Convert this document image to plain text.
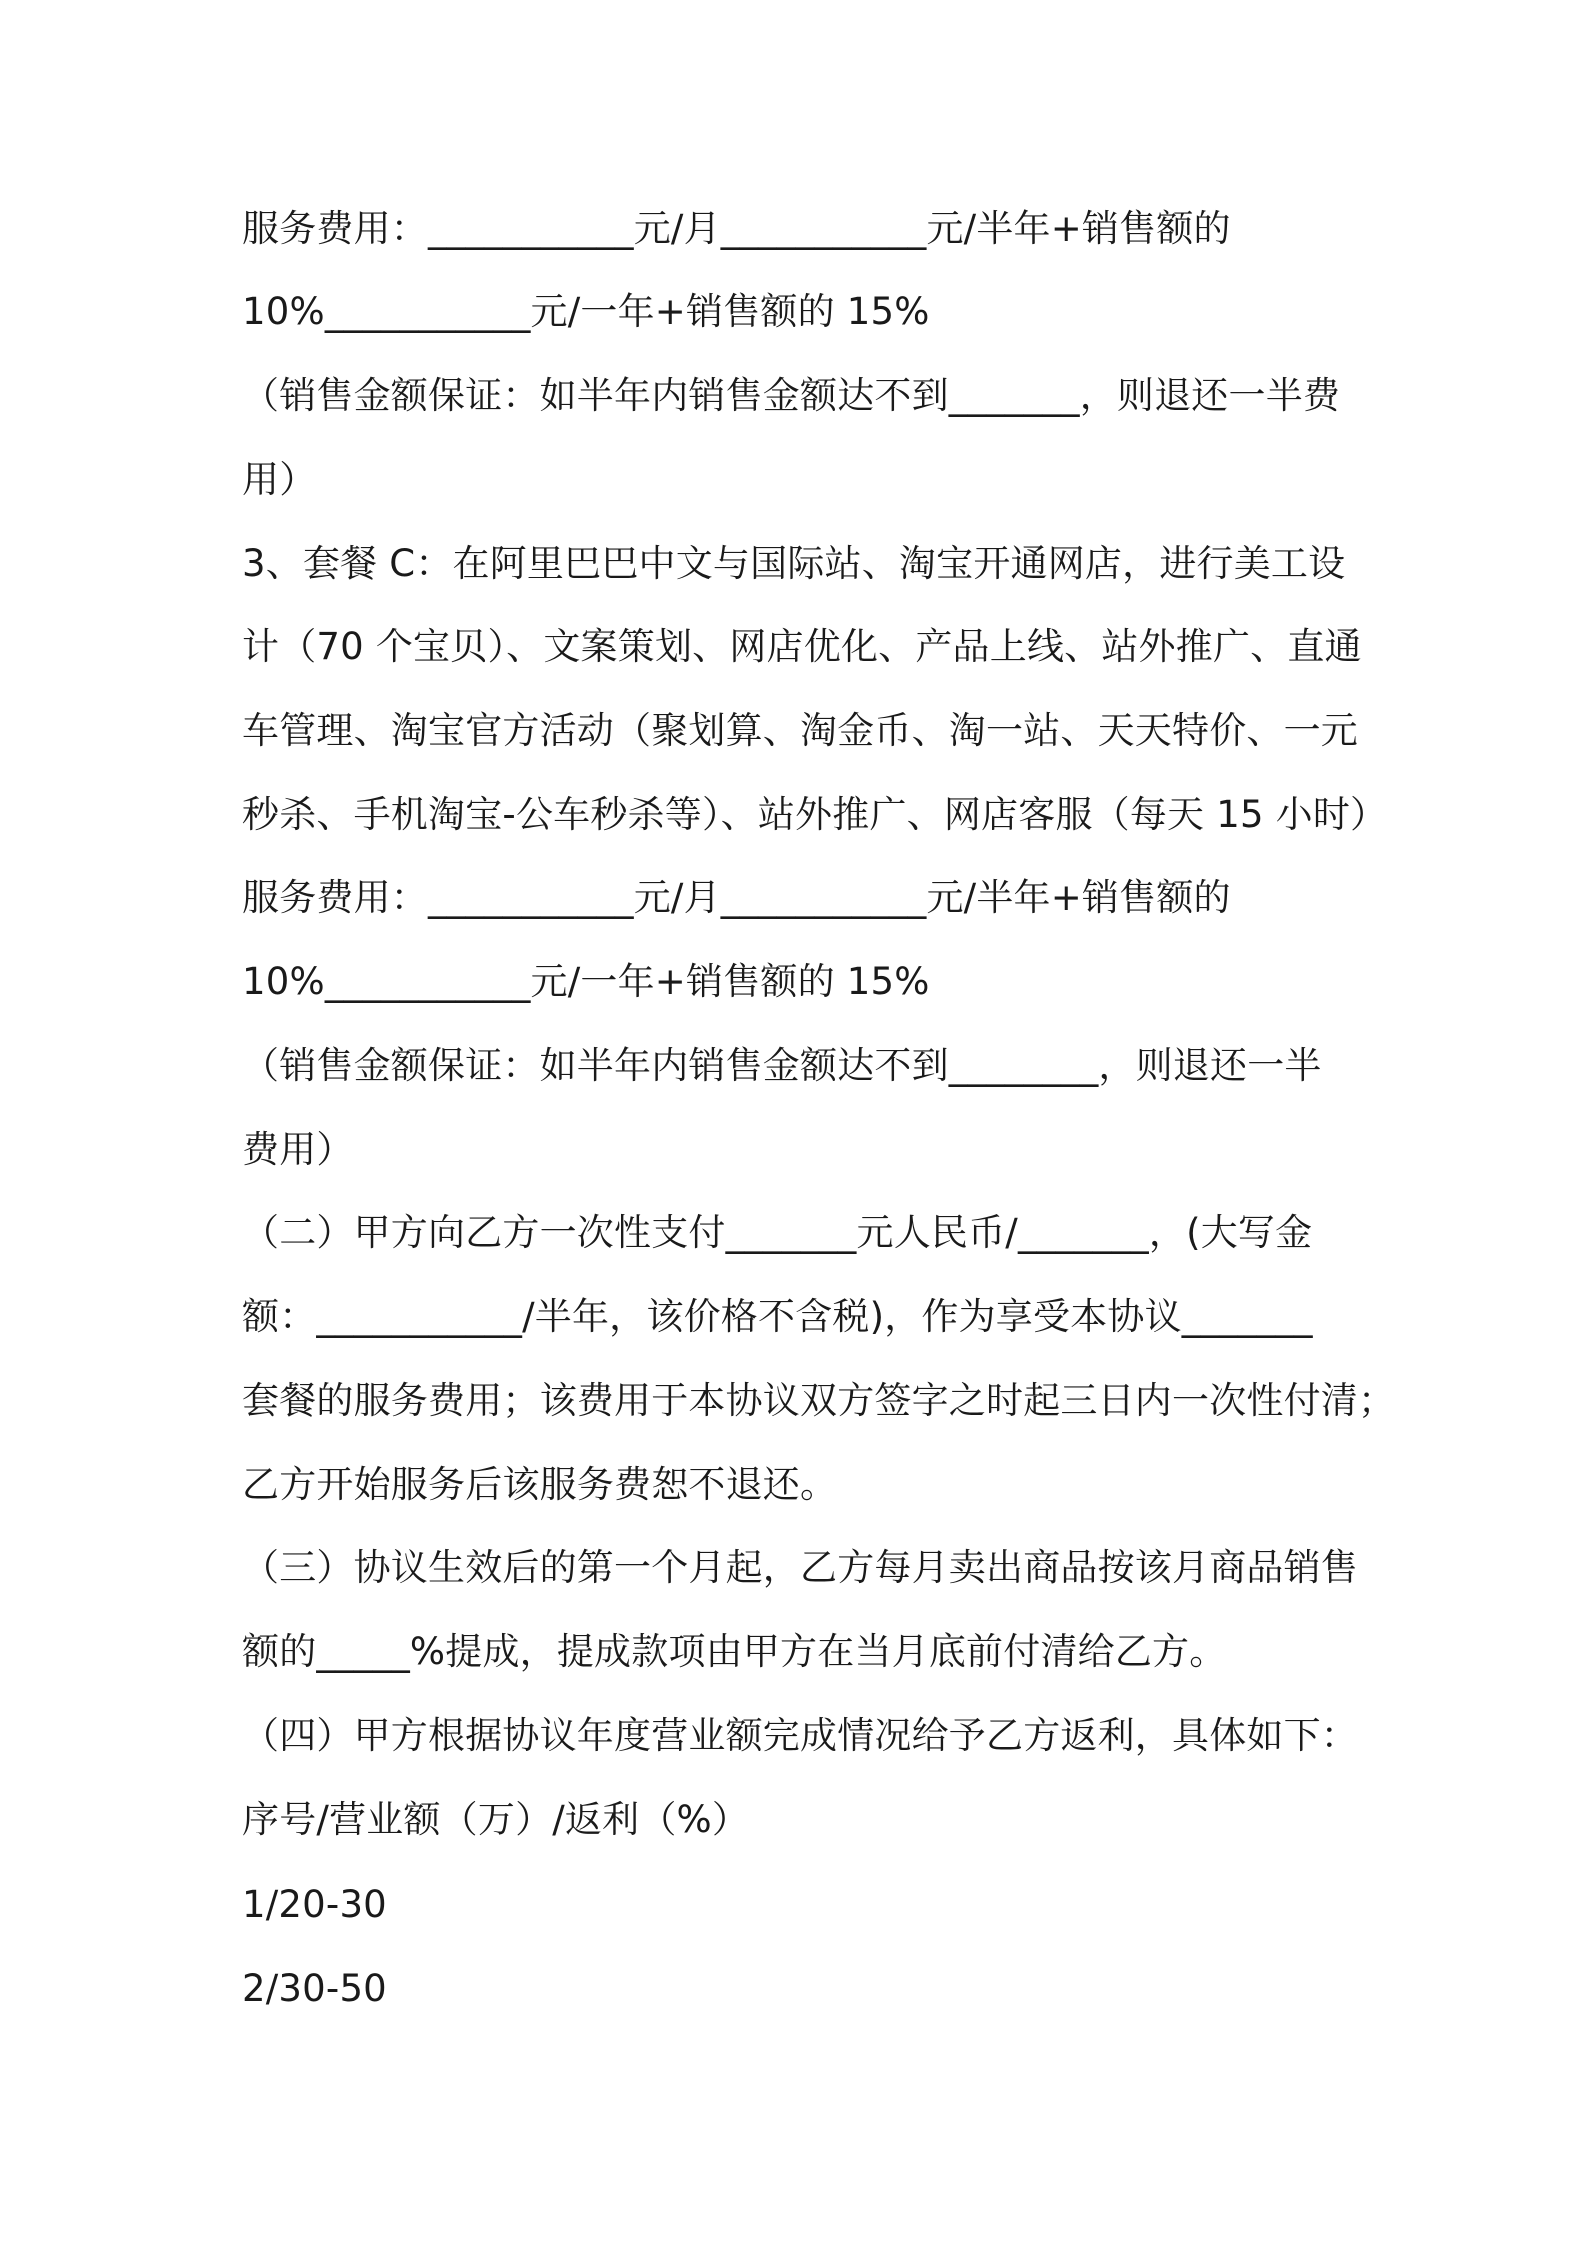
服务费用：___________元/月___________元/半年+销售额的
10%___________元/一年+销售额的 15%
（销售金额保证：如半年内销售金额达不到_______，则退还一半费
用）
3、套餐 C：在阿里巴巴中文与国际站、淘宝开通网店，进行美工设
计（70 个宝贝）、文案策划、网店优化、产品上线、站外推广、直通
车管理、淘宝官方活动（聚划算、淘金币、淘一站、天天特价、一元
秒杀、手机淘宝-公车秒杀等）、站外推广、网店客服（每天 15 小时）
服务费用：___________元/月___________元/半年+销售额的
10%___________元/一年+销售额的 15%
（销售金额保证：如半年内销售金额达不到________，则退还一半
费用）
（二）甲方向乙方一次性支付_______元人民币/_______，(大写金
额：___________/半年，该价格不含税)，作为享受本协议_______
套餐的服务费用；该费用于本协议双方签字之时起三日内一次性付清；
乙方开始服务后该服务费恕不退还。
（三）协议生效后的第一个月起，乙方每月卖出商品按该月商品销售
额的_____%提成，提成款项由甲方在当月底前付清给乙方。
（四）甲方根据协议年度营业额完成情况给予乙方返利，具体如下：
序号/营业额（万）/返利（%）
1/20-30
2/30-50
